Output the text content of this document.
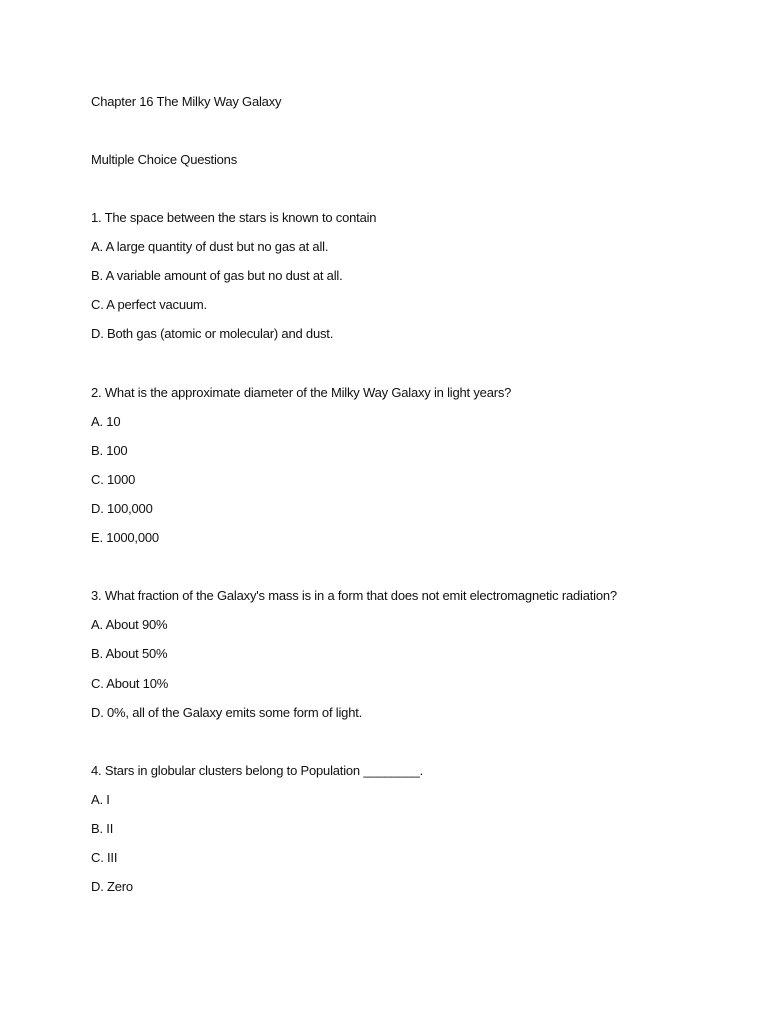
Chapter 16 The Milky Way Galaxy
Multiple Choice Questions
1. The space between the stars is known to contain
A. A large quantity of dust but no gas at all.
B. A variable amount of gas but no dust at all.
C. A perfect vacuum.
D. Both gas (atomic or molecular) and dust.
2. What is the approximate diameter of the Milky Way Galaxy in light years?
A. 10
B. 100
C. 1000
D. 100,000
E. 1000,000
3. What fraction of the Galaxy's mass is in a form that does not emit electromagnetic radiation?
A. About 90%
B. About 50%
C. About 10%
D. 0%, all of the Galaxy emits some form of light.
4. Stars in globular clusters belong to Population ________.
A. I
B. II
C. III
D. Zero
